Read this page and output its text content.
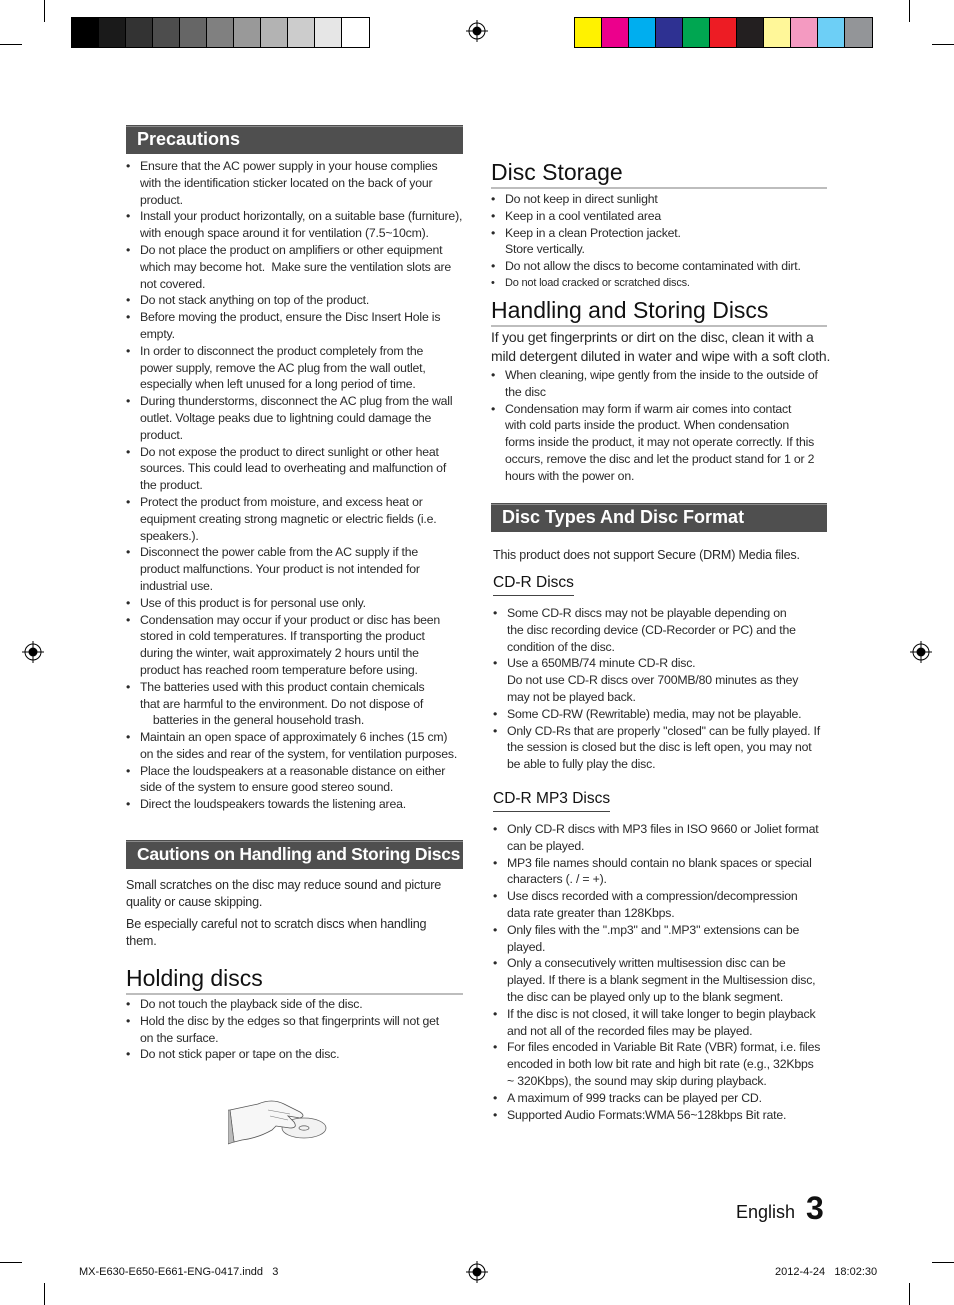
Precautions
• Ensure that the AC power supply in your house complies
with the identification sticker located on the back of your
product.
• Install your product horizontally, on a suitable base (furniture),
with enough space around it for ventilation (7.5~10cm).
• Do not place the product on amplifiers or other equipment
which may become hot.  Make sure the ventilation slots are
not covered.
• Do not stack anything on top of the product.
• Before moving the product, ensure the Disc Insert Hole is
empty.
• In order to disconnect the product completely from the
power supply, remove the AC plug from the wall outlet,
especially when left unused for a long period of time.
• During thunderstorms, disconnect the AC plug from the wall
outlet. Voltage peaks due to lightning could damage the
product.
• Do not expose the product to direct sunlight or other heat
sources. This could lead to overheating and malfunction of
the product.
• Protect the product from moisture, and excess heat or
equipment creating strong magnetic or electric fields (i.e.
speakers.).
• Disconnect the power cable from the AC supply if the
product malfunctions. Your product is not intended for
industrial use.
• Use of this product is for personal use only.
• Condensation may occur if your product or disc has been
stored in cold temperatures. If transporting the product
during the winter, wait approximately 2 hours until the
product has reached room temperature before using.
• The batteries used with this product contain chemicals
that are harmful to the environment. Do not dispose of
batteries in the general household trash.
• Maintain an open space of approximately 6 inches (15 cm)
on the sides and rear of the system, for ventilation purposes.
• Place the loudspeakers at a reasonable distance on either
side of the system to ensure good stereo sound.
• Direct the loudspeakers towards the listening area.
Cautions on Handling and Storing Discs
Small scratches on the disc may reduce sound and picture
quality or cause skipping.
Be especially careful not to scratch discs when handling
them.
Holding discs
• Do not touch the playback side of the disc.
• Hold the disc by the edges so that fingerprints will not get
on the surface.
• Do not stick paper or tape on the disc.
Disc Storage
• Do not keep in direct sunlight
• Keep in a cool ventilated area
• Keep in a clean Protection jacket.
Store vertically.
• Do not allow the discs to become contaminated with dirt.
• Do not load cracked or scratched discs.
Handling and Storing Discs
If you get fingerprints or dirt on the disc, clean it with a
mild detergent diluted in water and wipe with a soft cloth.
• When cleaning, wipe gently from the inside to the outside of
the disc
• Condensation may form if warm air comes into contact
with cold parts inside the product. When condensation
forms inside the product, it may not operate correctly. If this
occurs, remove the disc and let the product stand for 1 or 2
hours with the power on.
Disc Types And Disc Format
This product does not support Secure (DRM) Media files.
CD-R Discs
• Some CD-R discs may not be playable depending on
the disc recording device (CD-Recorder or PC) and the
condition of the disc.
• Use a 650MB/74 minute CD-R disc.
Do not use CD-R discs over 700MB/80 minutes as they
may not be played back.
• Some CD-RW (Rewritable) media, may not be playable.
• Only CD-Rs that are properly "closed" can be fully played. If
the session is closed but the disc is left open, you may not
be able to fully play the disc.
CD-R MP3 Discs
• Only CD-R discs with MP3 files in ISO 9660 or Joliet format
can be played.
• MP3 file names should contain no blank spaces or special
characters (. / = +).
• Use discs recorded with a compression/decompression
data rate greater than 128Kbps.
• Only files with the ".mp3" and ".MP3" extensions can be
played.
• Only a consecutively written multisession disc can be
played. If there is a blank segment in the Multisession disc,
the disc can be played only up to the blank segment.
• If the disc is not closed, it will take longer to begin playback
and not all of the recorded files may be played.
• For files encoded in Variable Bit Rate (VBR) format, i.e. files
encoded in both low bit rate and high bit rate (e.g., 32Kbps
~ 320Kbps), the sound may skip during playback.
• A maximum of 999 tracks can be played per CD.
• Supported Audio Formats:WMA 56~128kbps Bit rate.
English 3
MX-E630-E650-E661-ENG-0417.indd   3	2012-4-24   18:02:30
